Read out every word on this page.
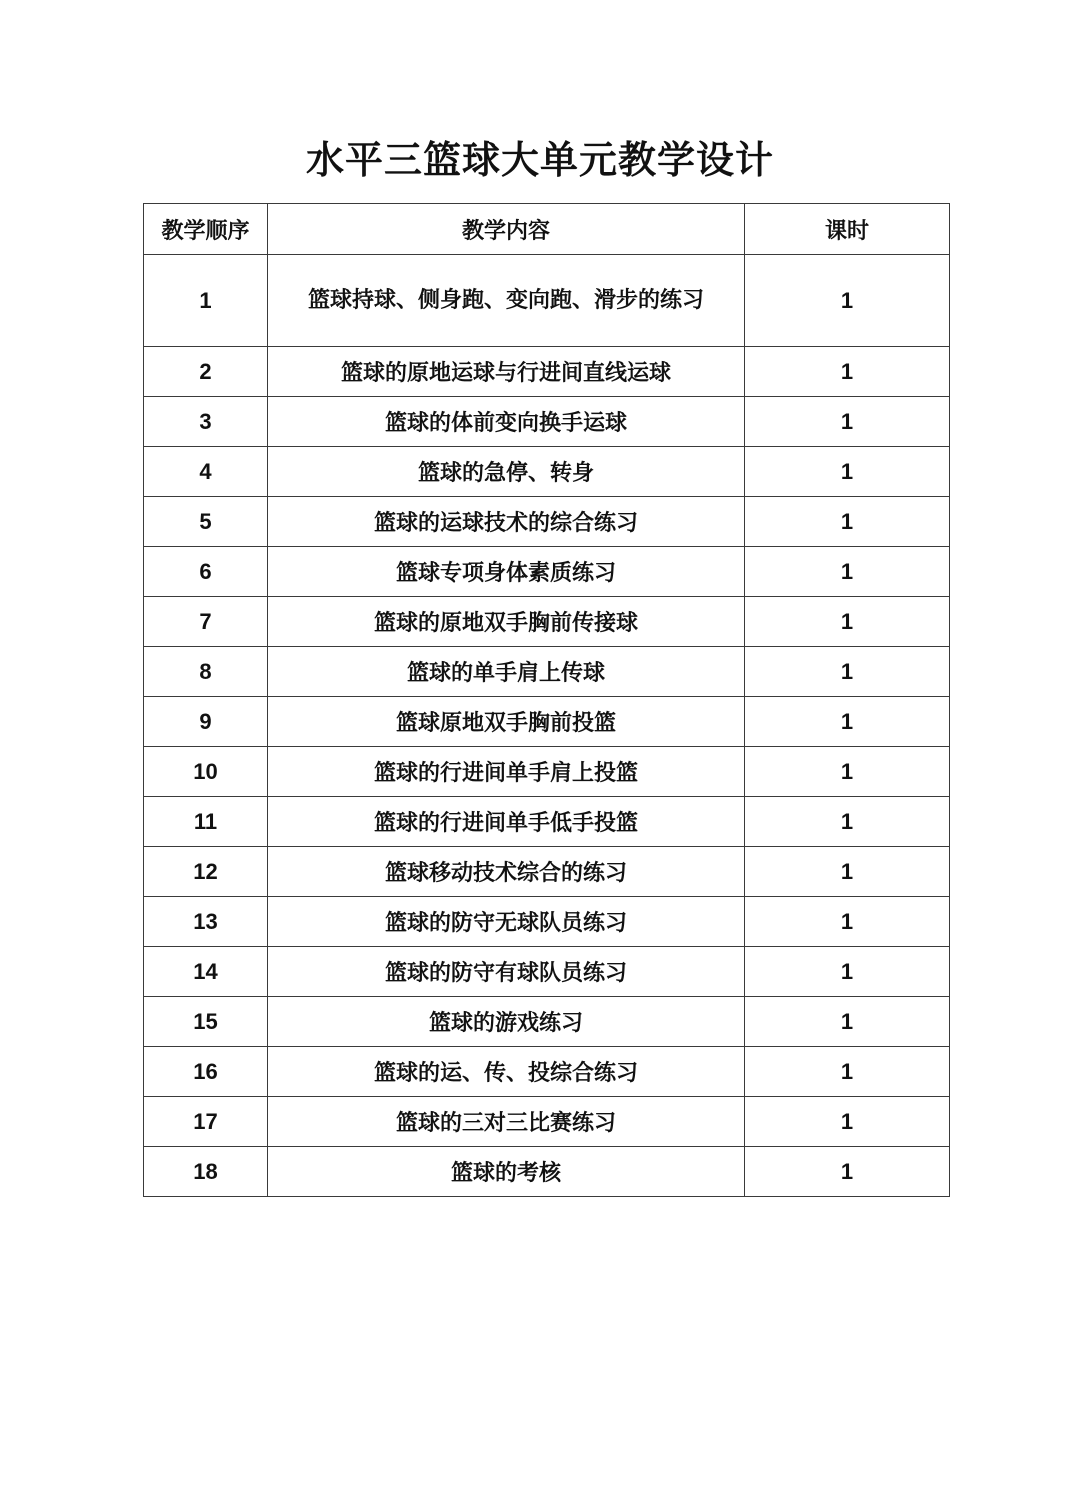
水平三篮球大单元教学设计
教学顺序	教学内容	课时
1	篮球持球、侧身跑、变向跑、滑步的练习	1
2	篮球的原地运球与行进间直线运球	1
3	篮球的体前变向换手运球	1
4	篮球的急停、转身	1
5	篮球的运球技术的综合练习	1
6	篮球专项身体素质练习	1
7	篮球的原地双手胸前传接球	1
8	篮球的单手肩上传球	1
9	篮球原地双手胸前投篮	1
10	篮球的行进间单手肩上投篮	1
11	篮球的行进间单手低手投篮	1
12	篮球移动技术综合的练习	1
13	篮球的防守无球队员练习	1
14	篮球的防守有球队员练习	1
15	篮球的游戏练习	1
16	篮球的运、传、投综合练习	1
17	篮球的三对三比赛练习	1
18	篮球的考核	1
